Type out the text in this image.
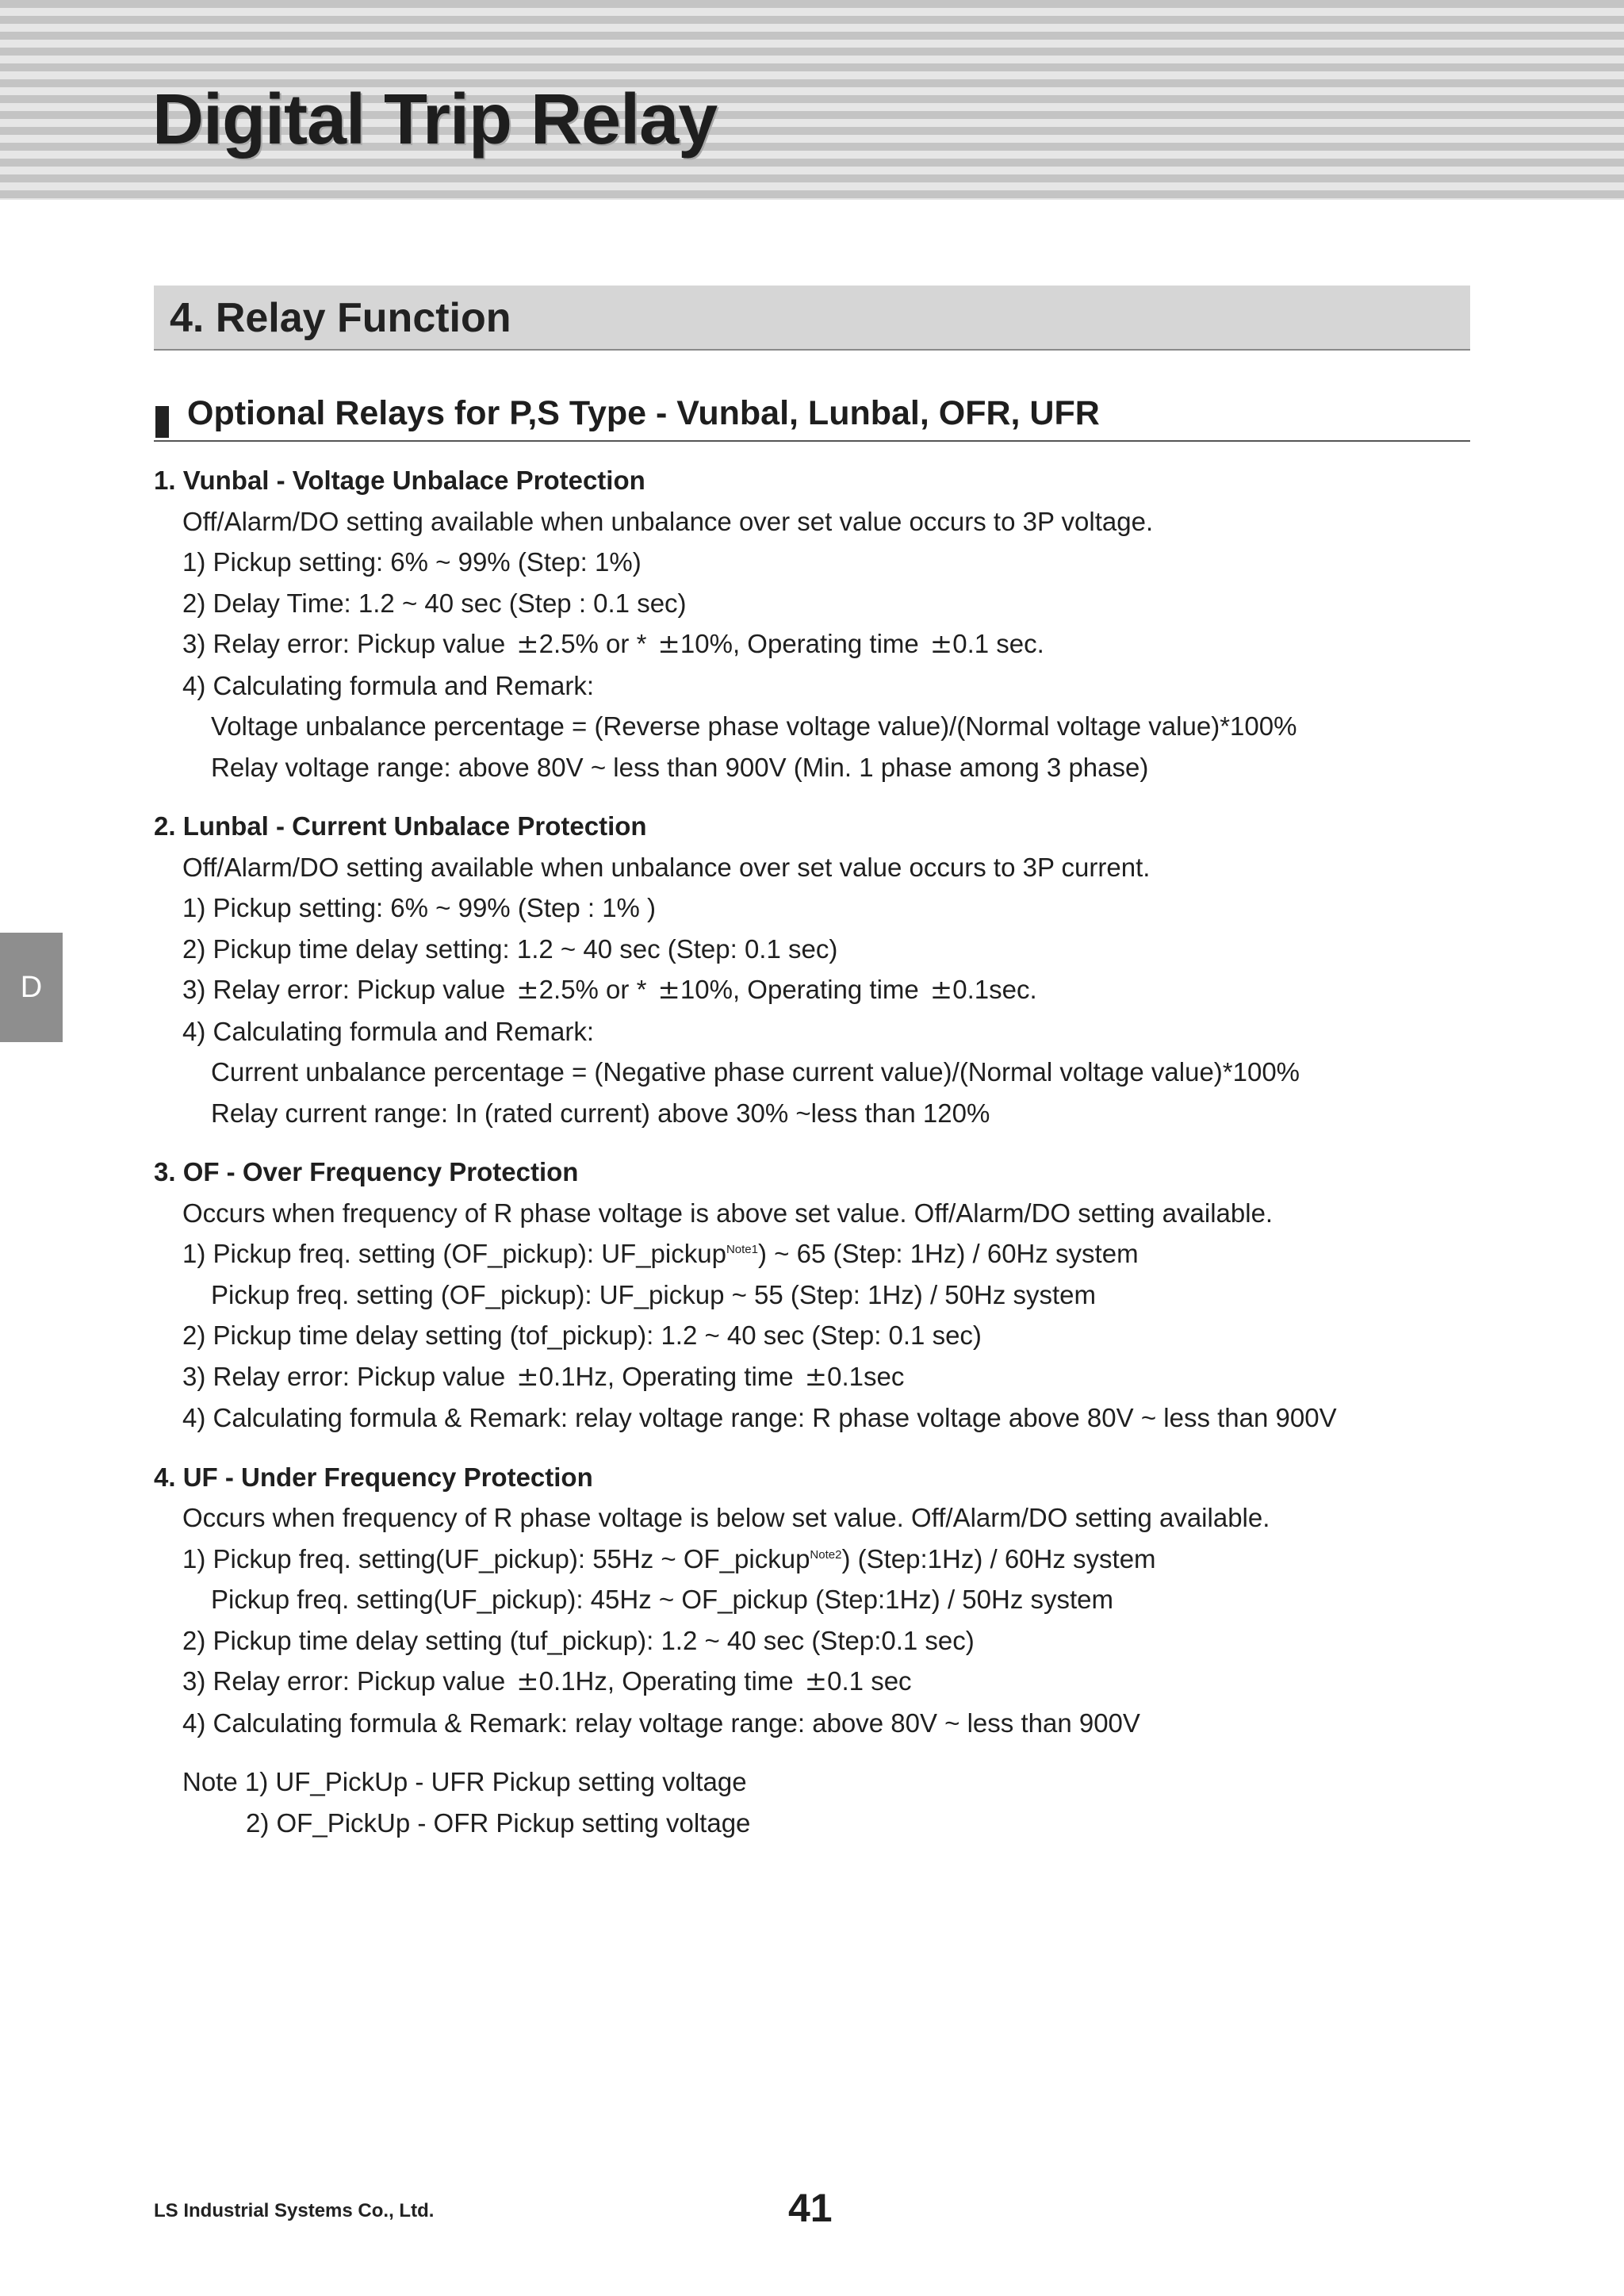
Digital Trip Relay
4. Relay Function
Optional Relays for P,S Type - Vunbal, Lunbal, OFR, UFR
D
1. Vunbal - Voltage Unbalace Protection
Off/Alarm/DO setting available when unbalance over set value occurs to 3P voltage.
1) Pickup setting: 6% ~ 99% (Step: 1%)
2) Delay Time: 1.2 ~ 40 sec (Step : 0.1 sec)
3) Relay error: Pickup value ±2.5% or * ±10%, Operating time ±0.1 sec.
4) Calculating formula and Remark:
Voltage unbalance percentage = (Reverse phase voltage value)/(Normal voltage value)*100%
Relay voltage range: above 80V ~ less than 900V (Min. 1 phase among 3 phase)
2. Lunbal - Current Unbalace Protection
Off/Alarm/DO setting available when unbalance over set value occurs to 3P current.
1) Pickup setting: 6% ~ 99% (Step : 1% )
2) Pickup time delay setting: 1.2 ~ 40 sec (Step: 0.1 sec)
3) Relay error: Pickup value ±2.5% or * ±10%, Operating time ±0.1sec.
4) Calculating formula and Remark:
Current unbalance percentage = (Negative phase current value)/(Normal voltage value)*100%
Relay current range: In (rated current) above 30% ~less than 120%
3. OF - Over Frequency Protection
Occurs when frequency of R phase voltage is above set value. Off/Alarm/DO setting available.
1) Pickup freq. setting (OF_pickup): UF_pickup$^{Note1}$) ~ 65 (Step: 1Hz) / 60Hz system
Pickup freq. setting (OF_pickup): UF_pickup ~ 55 (Step: 1Hz) / 50Hz system
2) Pickup time delay setting (tof_pickup): 1.2 ~ 40 sec (Step: 0.1 sec)
3) Relay error: Pickup value ±0.1Hz, Operating time ±0.1sec
4) Calculating formula & Remark: relay voltage range: R phase voltage above 80V ~ less than 900V
4. UF - Under Frequency Protection
Occurs when frequency of R phase voltage is below set value. Off/Alarm/DO setting available.
1) Pickup freq. setting(UF_pickup): 55Hz ~ OF_pickup$^{Note2}$) (Step:1Hz) / 60Hz system
Pickup freq. setting(UF_pickup): 45Hz ~ OF_pickup (Step:1Hz) / 50Hz system
2) Pickup time delay setting (tuf_pickup): 1.2 ~ 40 sec (Step:0.1 sec)
3) Relay error: Pickup value ±0.1Hz, Operating time ±0.1 sec
4) Calculating formula & Remark: relay voltage range: above 80V ~ less than 900V
Note 1) UF_PickUp - UFR Pickup setting voltage
2) OF_PickUp - OFR Pickup setting voltage
LS Industrial Systems Co., Ltd.	41
